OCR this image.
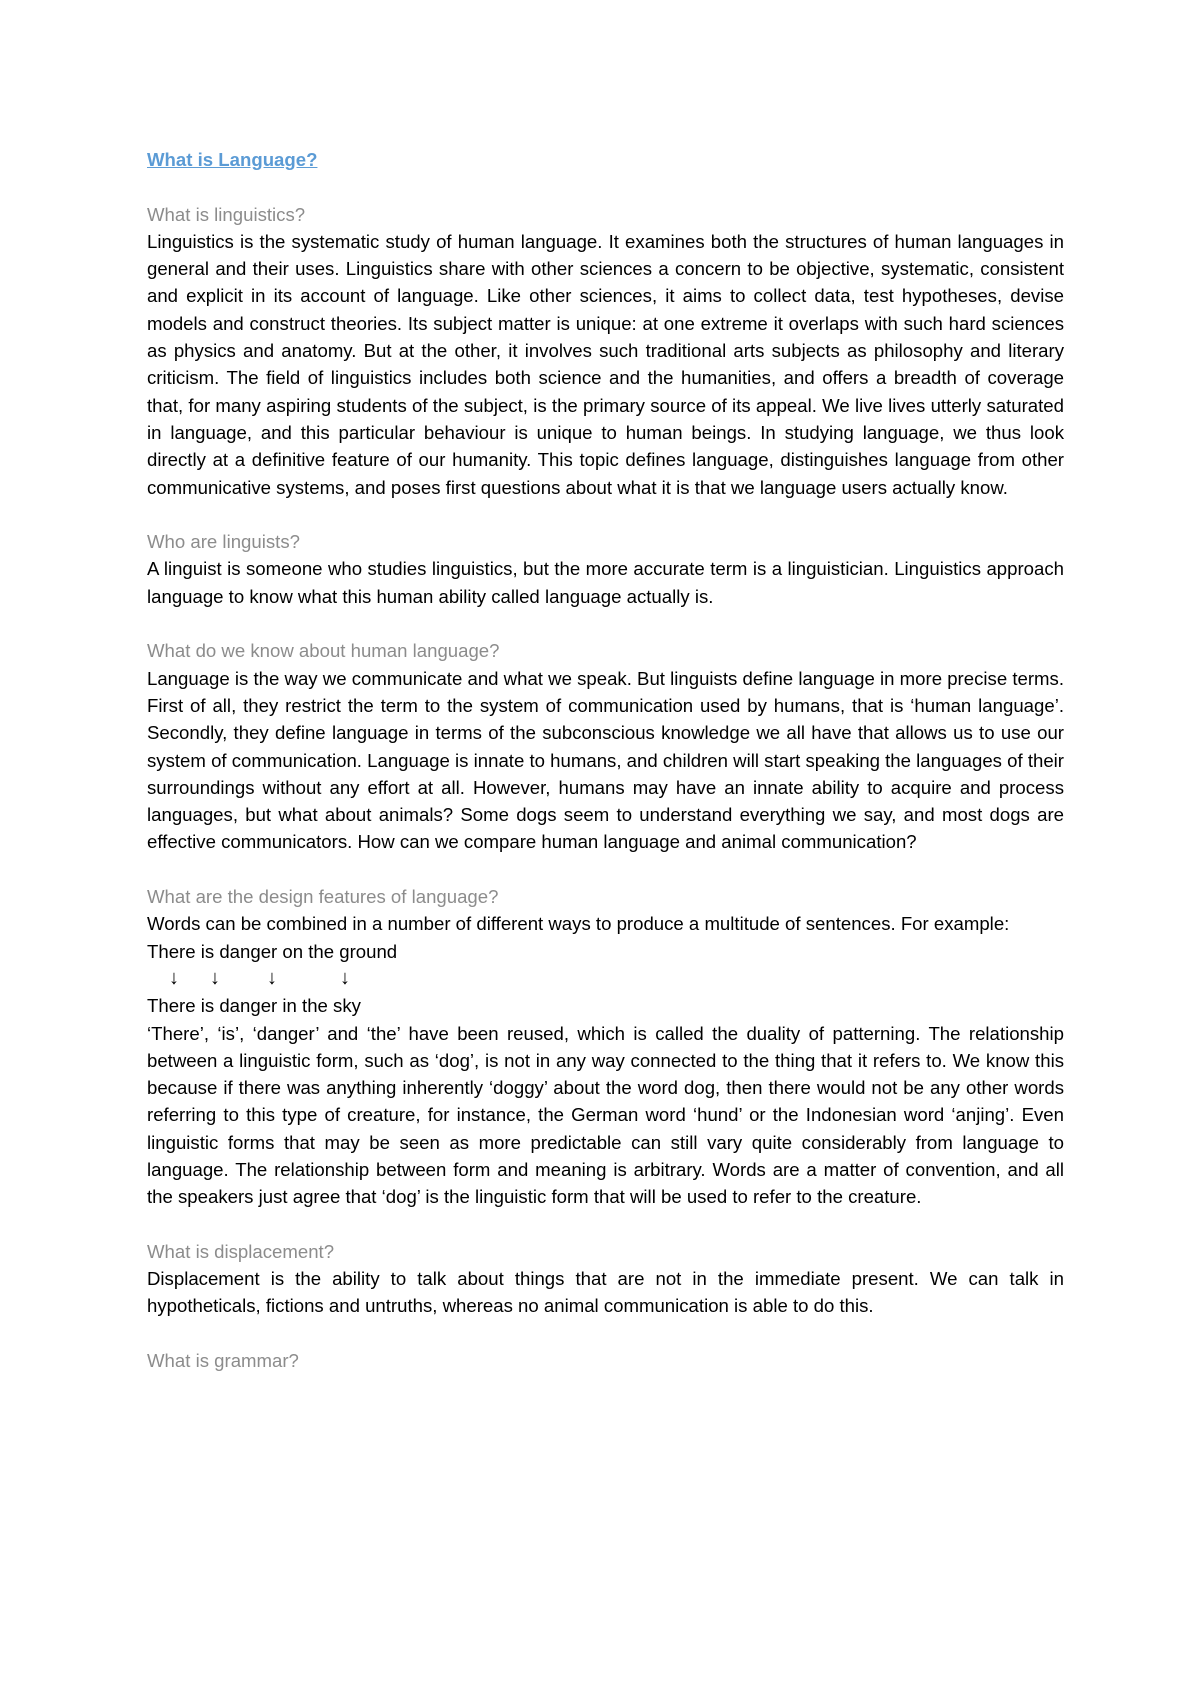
What is Language?

What is linguistics?

Linguistics is the systematic study of human language. It examines both the structures of human languages in general and their uses. Linguistics share with other sciences a concern to be objective, systematic, consistent and explicit in its account of language. Like other sciences, it aims to collect data, test hypotheses, devise models and construct theories. Its subject matter is unique: at one extreme it overlaps with such hard sciences as physics and anatomy. But at the other, it involves such traditional arts subjects as philosophy and literary criticism. The field of linguistics includes both science and the humanities, and offers a breadth of coverage that, for many aspiring students of the subject, is the primary source of its appeal. We live lives utterly saturated in language, and this particular behaviour is unique to human beings. In studying language, we thus look directly at a definitive feature of our humanity. This topic defines language, distinguishes language from other communicative systems, and poses first questions about what it is that we language users actually know.

Who are linguists?

A linguist is someone who studies linguistics, but the more accurate term is a linguistician. Linguistics approach language to know what this human ability called language actually is.

What do we know about human language?

Language is the way we communicate and what we speak. But linguists define language in more precise terms. First of all, they restrict the term to the system of communication used by humans, that is ‘human language’. Secondly, they define language in terms of the subconscious knowledge we all have that allows us to use our system of communication. Language is innate to humans, and children will start speaking the languages of their surroundings without any effort at all. However, humans may have an innate ability to acquire and process languages, but what about animals? Some dogs seem to understand everything we say, and most dogs are effective communicators. How can we compare human language and animal communication?

What are the design features of language?

Words can be combined in a number of different ways to produce a multitude of sentences. For example:

There is danger on the ground

↓ ↓ ↓	↓

There is danger in the sky

‘There’, ‘is’, ‘danger’ and ‘the’ have been reused, which is called the duality of patterning. The relationship between a linguistic form, such as ‘dog’, is not in any way connected to the thing that it refers to. We know this because if there was anything inherently ‘doggy’ about the word dog, then there would not be any other words referring to this type of creature, for instance, the German word ‘hund’ or the Indonesian word ‘anjing’. Even linguistic forms that may be seen as more predictable can still vary quite considerably from language to language. The relationship between form and meaning is arbitrary. Words are a matter of convention, and all the speakers just agree that ‘dog’ is the linguistic form that will be used to refer to the creature.

What is displacement?

Displacement is the ability to talk about things that are not in the immediate present. We can talk in hypotheticals, fictions and untruths, whereas no animal communication is able to do this.

What is grammar?
